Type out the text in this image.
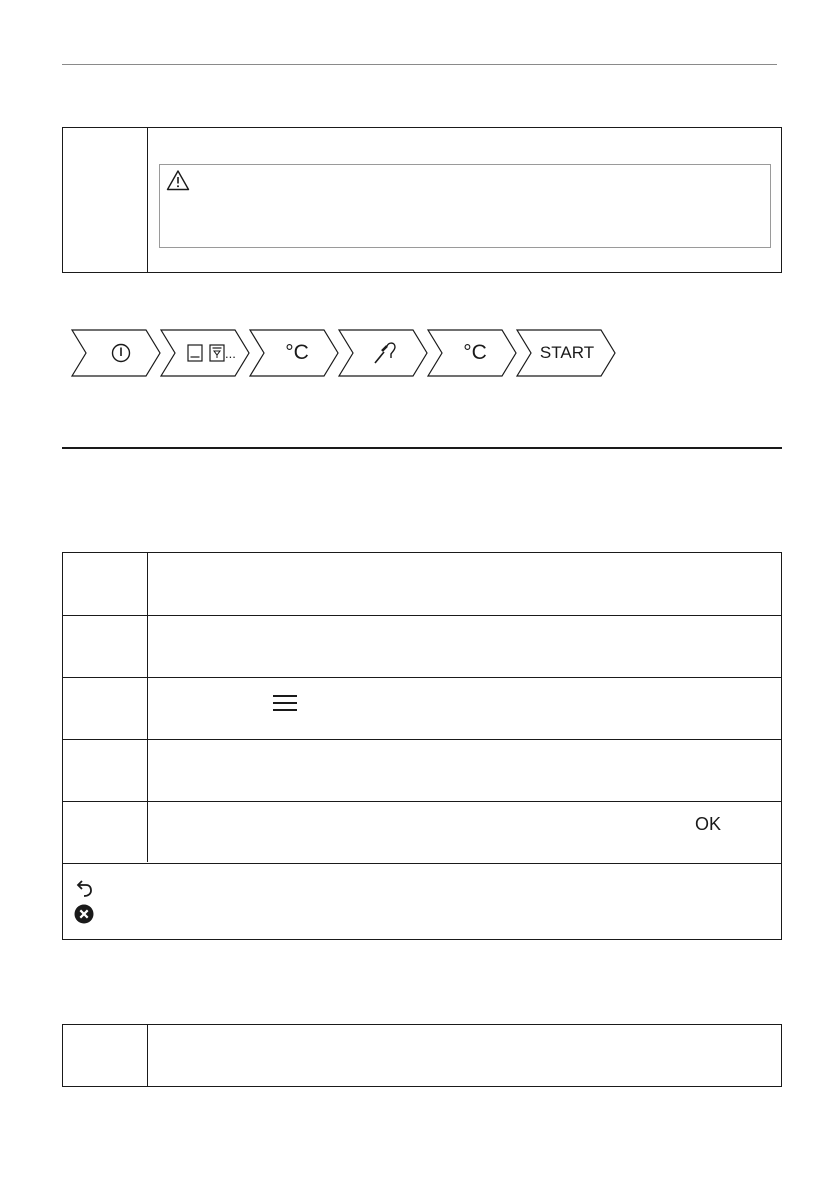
...	°C	°C	START
OK
